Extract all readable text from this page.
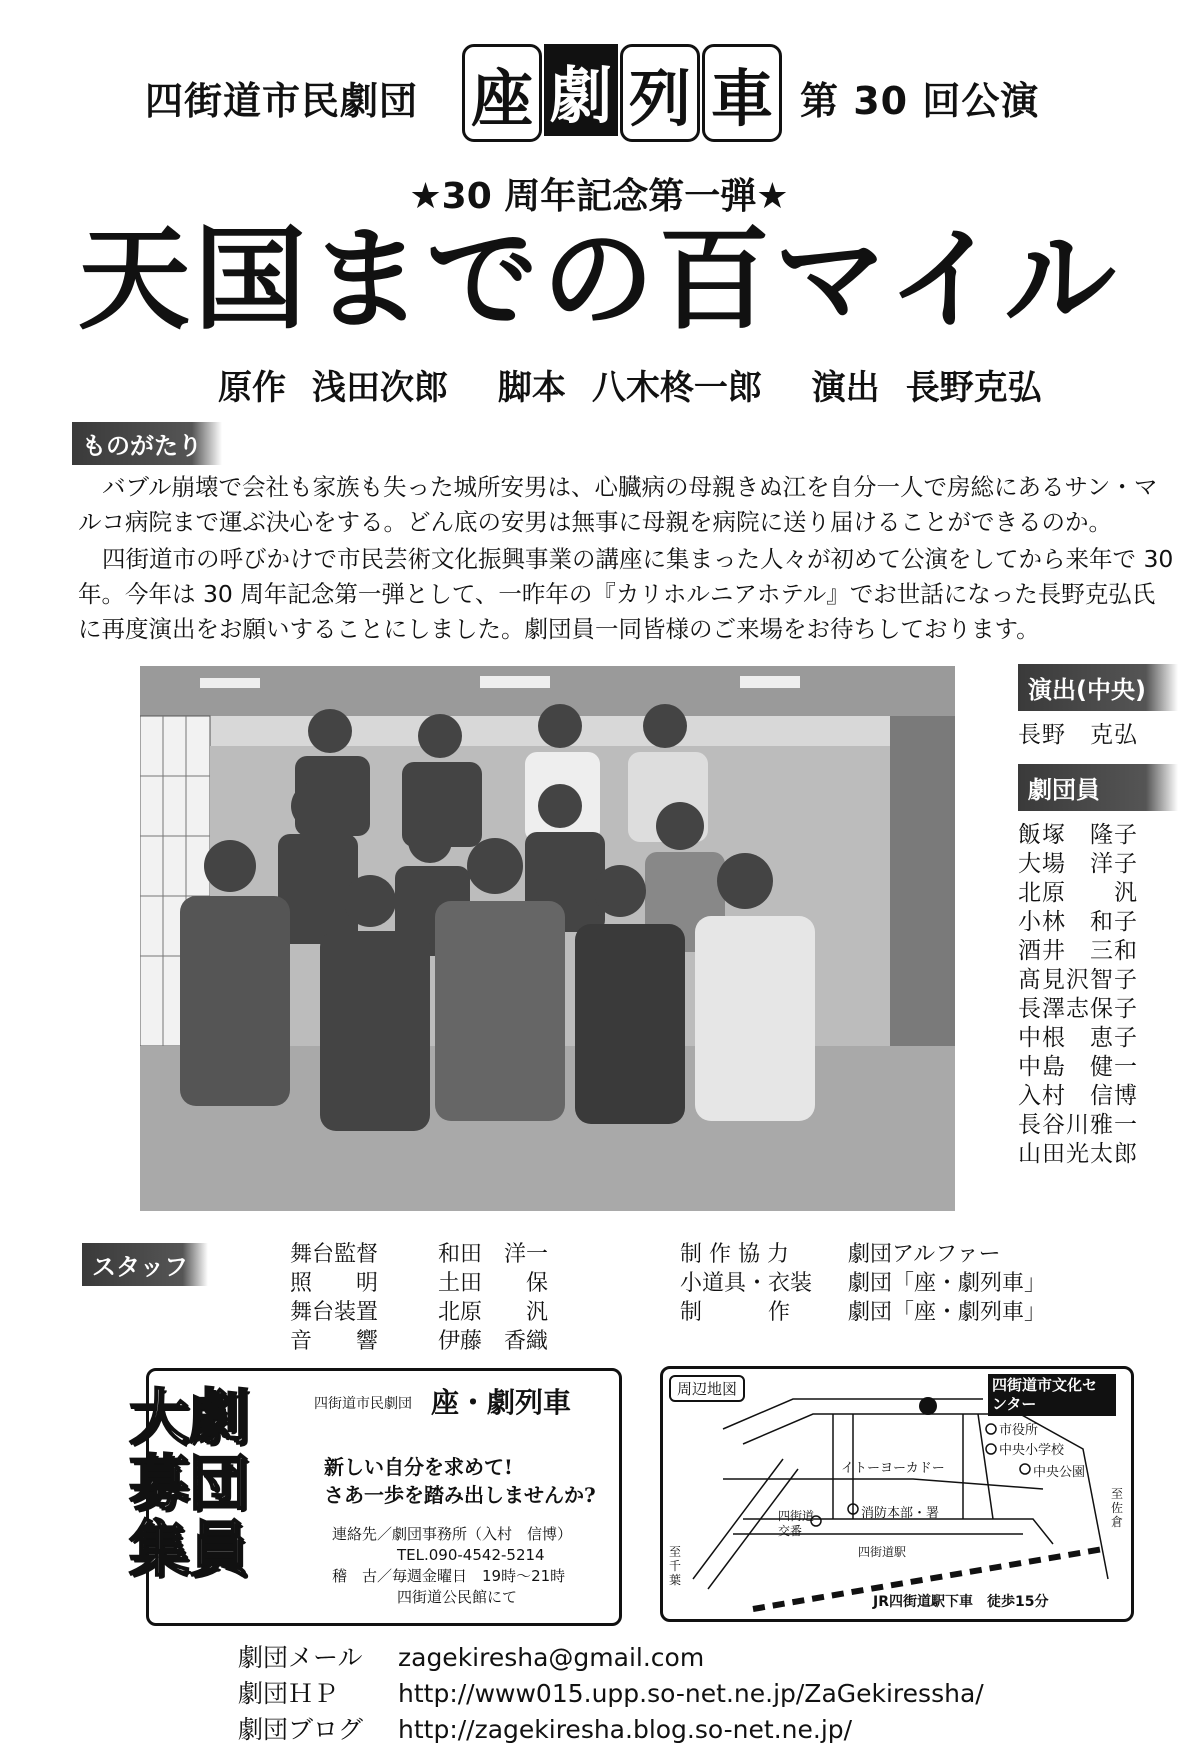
四街道市民劇団 座 劇 列 車 第 30 回公演
★30 周年記念第一弾★
天国までの百マイル
原作 浅田次郎 脚本 八木柊一郎 演出 長野克弘
ものがたり

バブル崩壊で会社も家族も失った城所安男は、心臓病の母親きぬ江を自分一人で房総にあるサン・マルコ病院まで運ぶ決心をする。どん底の安男は無事に母親を病院に送り届けることができるのか。

四街道市の呼びかけで市民芸術文化振興事業の講座に集まった人々が初めて公演をしてから来年で 30 年。今年は 30 周年記念第一弾として、一昨年の『カリホルニアホテル』でお世話になった長野克弘氏に再度演出をお願いすることにしました。劇団員一同皆様のご来場をお待ちしております。

演出(中央)
長野　克弘
劇団員
飯塚　隆子
大場　洋子
北原　　汎
小林　和子
酒井　三和
髙見沢智子
長澤志保子
中根　恵子
中島　健一
入村　信博
長谷川雅一
山田光太郎
スタッフ	舞台監督	和田　洋一
照　　明	土田　　保
舞台装置	北原　　汎
音　　響	伊藤　香織
制 作 協 力	劇団アルファー
小道具・衣装	劇団「座・劇列車」
制　　　作	劇団「座・劇列車」
大劇
募団
集員
四街道市民劇団 座・劇列車
新しい自分を求めて!
さあ一歩を踏み出しませんか?
連絡先／劇団事務所（入村　信博）
TEL.090-4542-5214
稽　古／毎週金曜日　19時〜21時
四街道公民館にて
周辺地図	四街道市文化センター
市役所
中央小学校
中央公園
イトーヨーカドー
消防本部・署
四街道交番
四街道駅
至千葉
至佐倉
JR四街道駅下車　徒歩15分
劇団メール	zagekiresha@gmail.com
劇団ＨＰ	http://www015.upp.so-net.ne.jp/ZaGekiressha/
劇団ブログ	http://zagekiresha.blog.so-net.ne.jp/
